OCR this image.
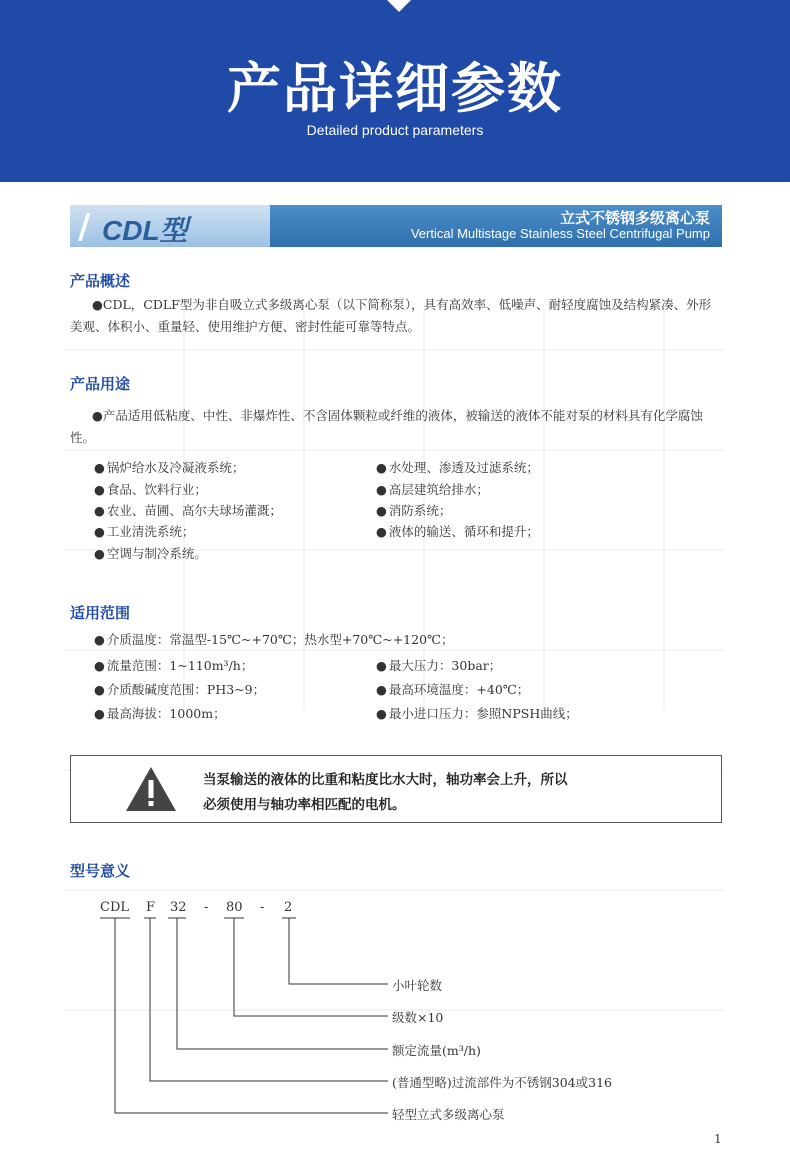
产品详细参数
Detailed product parameters
/ CDL型	立式不锈钢多级离心泵
Vertical Multistage Stainless Steel Centrifugal Pump
产品概述
●CDL，CDLF型为非自吸立式多级离心泵（以下简称泵），具有高效率、低噪声、耐轻度腐蚀及结构紧凑、外形美观、体积小、重量轻、使用维护方便、密封性能可靠等特点。
产品用途
●产品适用低粘度、中性、非爆炸性、不含固体颗粒或纤维的液体，被输送的液体不能对泵的材料具有化学腐蚀性。
● 锅炉给水及冷凝液系统；
● 食品、饮料行业；
● 农业、苗圃、高尔夫球场灌溉；
● 工业清洗系统；
● 空调与制冷系统。
● 水处理、渗透及过滤系统；
● 高层建筑给排水；
● 消防系统；
● 液体的输送、循环和提升；
适用范围
● 介质温度：常温型-15℃~+70℃；热水型+70℃~+120℃；
● 流量范围：1~110m³/h；
● 介质酸碱度范围：PH3~9；
● 最高海拔：1000m；
● 最大压力：30bar；
● 最高环境温度：+40℃；
● 最小进口压力：参照NPSH曲线；
当泵输送的液体的比重和粘度比水大时，轴功率会上升，所以
必须使用与轴功率相匹配的电机。
型号意义
CDL F 32 - 80 - 2
小叶轮数
级数×10
额定流量(m³/h)
(普通型略)过流部件为不锈钢304或316
轻型立式多级离心泵
1
